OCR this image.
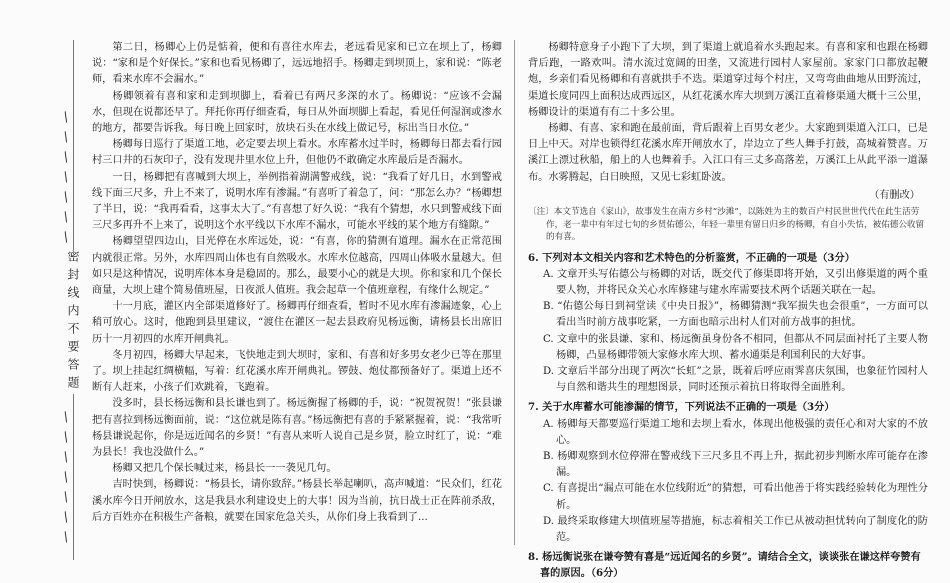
/
/
/
/
/
/
/
/
/
/
/
/
/
/
密封线内不要答题

第二日，杨卿心上仍是惦着，便和有喜往水库去，老远看见家和已立在坝上了，杨卿说：“家和是个好保长。”家和也看见杨卿了，远远地招手。杨卿走到坝顶上，家和说：“陈老师，看来水库不会漏水。”

杨卿领着有喜和家和走到坝脚上，看着已有两尺多深的水了。杨卿说：“应该不会漏水，但现在说都还早了。拜托你再仔细查看，每日从外面坝脚上看起，看见任何湿润或渗水的地方，都要告诉我。每日晚上回家时，放块石头在水线上做记号，标出当日水位。”

杨卿每日巡行了渠道工地，必定要去坝上看水。水库蓄水过半时，杨卿每日都去看行园村三口井的石灰印子，没有发现井里水位上升，但他仍不敢确定水库最后是否漏水。

一日，杨卿把有喜喊到大坝上，举例指着湖满警戒线，说：“我看了好几日，水到警戒线下面三尺多，升上不来了，说明水库有渗漏。”有喜听了着急了，问：“那怎么办？”杨卿想了半日，说：“我再看看，这事太大了。”有喜想了好久说：“我有个猜想，水只到警戒线下面三尺多再升不上来了，说明这个水平线以下水库不漏水，可能水平线的某个地方有缝隙。”

杨卿望望四边山，目光停在水库远处，说：“有喜，你的猜测有道理。漏水在正常范围内就很正常。另外，水库四周山体也有自然吸水。水库水位越高，四周山体吸水量越大。但如只是这种情况，说明库体本身是稳固的。那么，最要小心的就是大坝。你和家和几个保长商量，大坝上建个简易值班屋，日夜派人值班。我会起草一个值班章程，有缘什么规定。”

十一月底，灌区内全部渠道修好了。杨卿再仔细查看，暂时不见水库有渗漏迹象，心上稍可放心。这时，他跑到县里建议，“渡住在灌区一起去县政府见杨远衡，请杨县长出席旧历十一月初四的水库开闸典礼。

冬月初四，杨卿大早起来，飞快地走到大坝时，家和、有喜和好多男女老少已等在那里了。坝上挂起红绸横幅，写着：红花溪水库开闸典礼。锣鼓、炮仗都预备好了。渠道上还不断有人赶来，小孩子们欢跳着，飞跑着。

没多时，县长杨远衡和县长谦也到了。杨远衡握了杨卿的手，说：“祝贺祝贺！”张县谦把有喜拉到杨远衡面前，说：“这位就是陈有喜。”杨远衡把有喜的手紧紧握着，说：“我常听杨县谦说起你，你是远近闻名的乡贤！”有喜从来听人说自己是乡贤，脸立时红了，说：“难为县长！我也没做什么。”

杨卿又把几个保长喊过来，杨县长一一袭见几句。

吉时快到，杨卿说：“杨县长，请你致辞。”杨县长举起喇叭，高声喊道：“民众们，红花溪水库今日开闸放水，这是我县水利建设史上的大事！因为当前，抗日战士正在阵前杀敌，后方百姓亦在积极生产备粮，就要在国家危急关头，从你们身上我看到了...

杨卿特意身子小跑下了大坝，到了渠道上就追着水头跑起来。有喜和家和也跟在杨卿背后跑，一路欢叫。清水流过宽阔的田垄，又流进行园村人家屋前。家家门口都放起鞭炮，乡亲们看见杨卿和有喜就拱手不迭。渠道穿过每个村庄，又弯弯曲曲地从田野流过，渠道长度同四上面积达成西远区，从红花溪水库大坝到万溪江直着修渠通大概十三公里，杨卿设计的渠道有有二十多公里。

杨卿、有喜、家和跑在最前面，背后跟着上百男女老少。大家跑到渠道入江口，已是日上中天。对岸也锁得红花溪水库开闸放水了，岸边立了些人舞手打鼓，高城着赞喜。万溪江上漂过秋船，船上的人也舞着手。入江口有三丈多高落差，万溪江上从此平添一道瀑布。水雾腾起，白日映照，又见七彩虹卧波。

（有删改）

〔注〕本文节选自《家山》，故事发生在南方乡村“沙滩”，以陈姓为主的数百户村民世世代代在此生活劳作，老一辈中有年过七旬的乡贤佑德公，年轻一辈里有留日归乡的杨卿，有自小失怙，被佑德公收留的有喜。

6. 下列对本文相关内容和艺术特色的分析鉴赏，不正确的一项是（3分）

A. 文章开头写佑德公与杨卿的对话，既交代了修渠即将开始，又引出修渠道的两个重要人物，并将民众关心水库修建与建水库需要技术两个话题关联在一起。

B. “佑德公每日到祠堂读《中央日报》”，杨卿猜测“我军损失也会很重”，一方面可以看出当时前方战事吃紧，一方面也暗示出村人们对前方战事的担忧。

C. 文章中的张县谦、家和、杨远衡虽身份各不相同，但都从不同层面衬托了主要人物杨卿，凸显杨卿带领大家修水库大坝、蓄水通渠是利国利民的大好事。

D. 文章后半部分出现了两次“长虹”之景，既着后呼应雨霁喜庆氛围，也象征竹园村人与自然和谐共生的理想图景，同时还预示着抗日将取得全面胜利。

7. 关于水库蓄水可能渗漏的情节，下列说法不正确的一项是（3分）

A. 杨卿每天都要巡行渠道工地和去坝上看水，体现出他极强的责任心和对大家的不放心。

B. 杨卿观察到水位停滞在警戒线下三尺多且不再上升，据此初步判断水库可能存在渗漏。

C. 有喜提出“漏点可能在水位线附近”的猜想，可看出他善于将实践经验转化为理性分析。

D. 最终采取修建大坝值班屋等措施，标志着相关工作已从被动担忧转向了制度化的防范。

8. 杨远衡说张在谦夸赞有喜是“远近闻名的乡贤”。请结合全文，谈谈张在谦这样夸赞有喜的原因。（6分）
